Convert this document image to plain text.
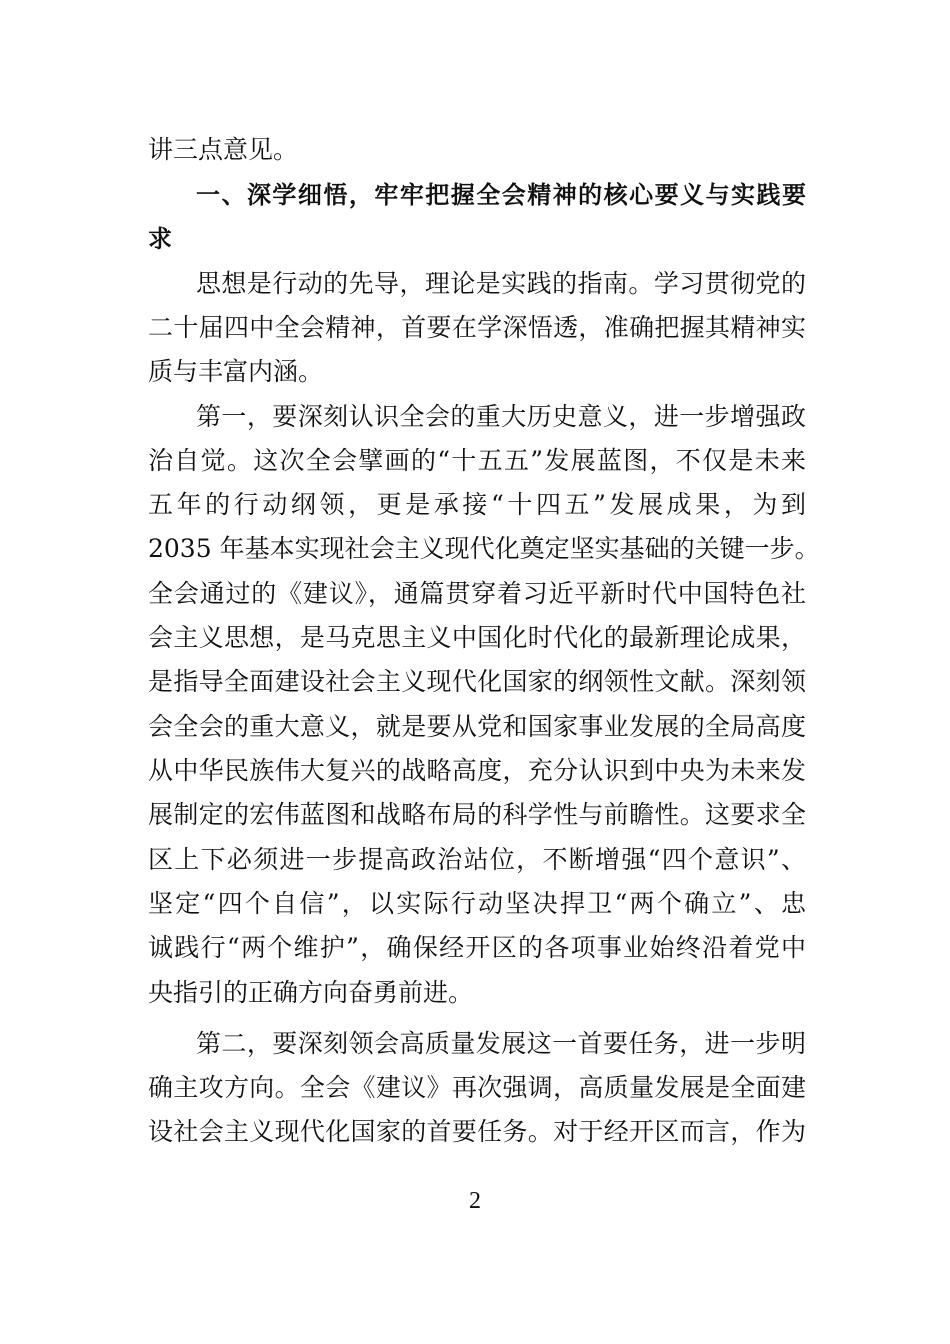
讲三点意见。
一、深学细悟，牢牢把握全会精神的核心要义与实践要
求
思想是行动的先导，理论是实践的指南。学习贯彻党的
二十届四中全会精神，首要在学深悟透，准确把握其精神实
质与丰富内涵。
第一，要深刻认识全会的重大历史意义，进一步增强政
治自觉。这次全会擘画的“十五五”发展蓝图，不仅是未来
五年的行动纲领，更是承接“十四五”发展成果，为到
2035 年基本实现社会主义现代化奠定坚实基础的关键一步。
全会通过的《建议》，通篇贯穿着习近平新时代中国特色社
会主义思想，是马克思主义中国化时代化的最新理论成果，
是指导全面建设社会主义现代化国家的纲领性文献。深刻领
会全会的重大意义，就是要从党和国家事业发展的全局高度
从中华民族伟大复兴的战略高度，充分认识到中央为未来发
展制定的宏伟蓝图和战略布局的科学性与前瞻性。这要求全
区上下必须进一步提高政治站位，不断增强“四个意识”、
坚定“四个自信”，以实际行动坚决捍卫“两个确立”、忠
诚践行“两个维护”，确保经开区的各项事业始终沿着党中
央指引的正确方向奋勇前进。
第二，要深刻领会高质量发展这一首要任务，进一步明
确主攻方向。全会《建议》再次强调，高质量发展是全面建
设社会主义现代化国家的首要任务。对于经开区而言，作为
2
